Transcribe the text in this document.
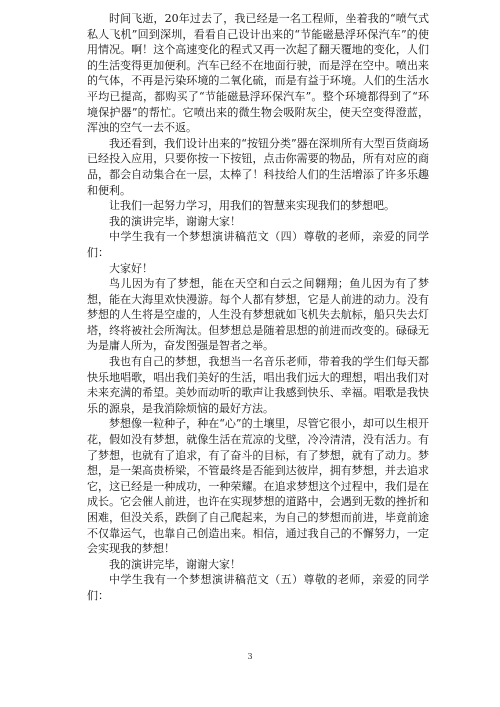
时间飞逝，20年过去了，我已经是一名工程师，坐着我的“喷气式私人飞机”回到深圳，看看自己设计出来的“节能磁悬浮环保汽车”的使用情况。啊！这个高速变化的程式又再一次起了翻天覆地的变化，人们的生活变得更加便利。汽车已经不在地面行驶，而是浮在空中。喷出来的气体，不再是污染环境的二氧化硫，而是有益于环境。人们的生活水平均已提高，都购买了“节能磁悬浮环保汽车”。整个环境都得到了“环境保护器”的帮忙。它喷出来的微生物会吸附灰尘，使天空变得澄蓝，浑浊的空气一去不返。

我还看到，我们设计出来的“按钮分类”器在深圳所有大型百货商场已经投入应用，只要你按一下按钮，点击你需要的物品，所有对应的商品，都会自动集合在一层，太棒了！科技给人们的生活增添了许多乐趣和便利。

让我们一起努力学习，用我们的智慧来实现我们的梦想吧。

我的演讲完毕，谢谢大家！

中学生我有一个梦想演讲稿范文（四）尊敬的老师，亲爱的同学们：

大家好！

鸟儿因为有了梦想，能在天空和白云之间翱翔；鱼儿因为有了梦想，能在大海里欢快漫游。每个人都有梦想，它是人前进的动力。没有梦想的人生将是空虚的，人生没有梦想就如飞机失去航标，船只失去灯塔，终将被社会所淘汰。但梦想总是随着思想的前进而改变的。碌碌无为是庸人所为，奋发图强是智者之举。

我也有自己的梦想，我想当一名音乐老师，带着我的学生们每天都快乐地唱歌，唱出我们美好的生活，唱出我们远大的理想，唱出我们对未来充满的希望。美妙而动听的歌声让我感到快乐、幸福。唱歌是我快乐的源泉，是我消除烦恼的最好方法。

梦想像一粒种子，种在“心”的土壤里，尽管它很小，却可以生根开花，假如没有梦想，就像生活在荒凉的戈壁，冷冷清清，没有活力。有了梦想，也就有了追求，有了奋斗的目标，有了梦想，就有了动力。梦想，是一架高贵桥梁，不管最终是否能到达彼岸，拥有梦想，并去追求它，这已经是一种成功，一种荣耀。在追求梦想这个过程中，我们是在成长。它会催人前进，也许在实现梦想的道路中，会遇到无数的挫折和困难，但没关系，跌倒了自己爬起来，为自己的梦想而前进，毕竟前途不仅靠运气，也靠自己创造出来。相信，通过我自己的不懈努力，一定会实现我的梦想！

我的演讲完毕，谢谢大家！

中学生我有一个梦想演讲稿范文（五）尊敬的老师，亲爱的同学们：

3
